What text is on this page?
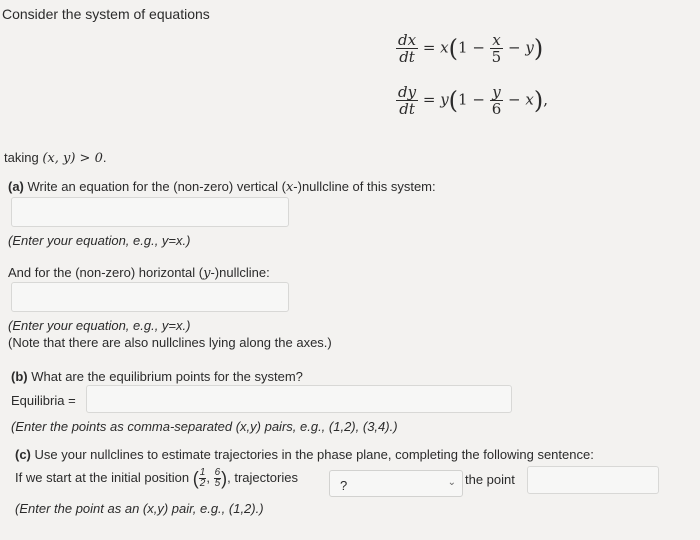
Consider the system of equations
$\frac{dx}{dt} = x(1 - \frac{x}{5} - y)$
$\frac{dy}{dt} = y(1 - \frac{y}{6} - x)$,
taking (x, y) > 0.
(a) Write an equation for the (non-zero) vertical (x-)nullcline of this system:
(Enter your equation, e.g., y=x.)
And for the (non-zero) horizontal (y-)nullcline:
(Enter your equation, e.g., y=x.)
(Note that there are also nullclines lying along the axes.)
(b) What are the equilibrium points for the system?
Equilibria =
(Enter the points as comma-separated (x,y) pairs, e.g., (1,2), (3,4).)
(c) Use your nullclines to estimate trajectories in the phase plane, completing the following sentence:
If we start at the initial position ( $\frac{1}{2}$ , $\frac{6}{5}$ ), trajectories
?	⌄ the point
(Enter the point as an (x,y) pair, e.g., (1,2).)
